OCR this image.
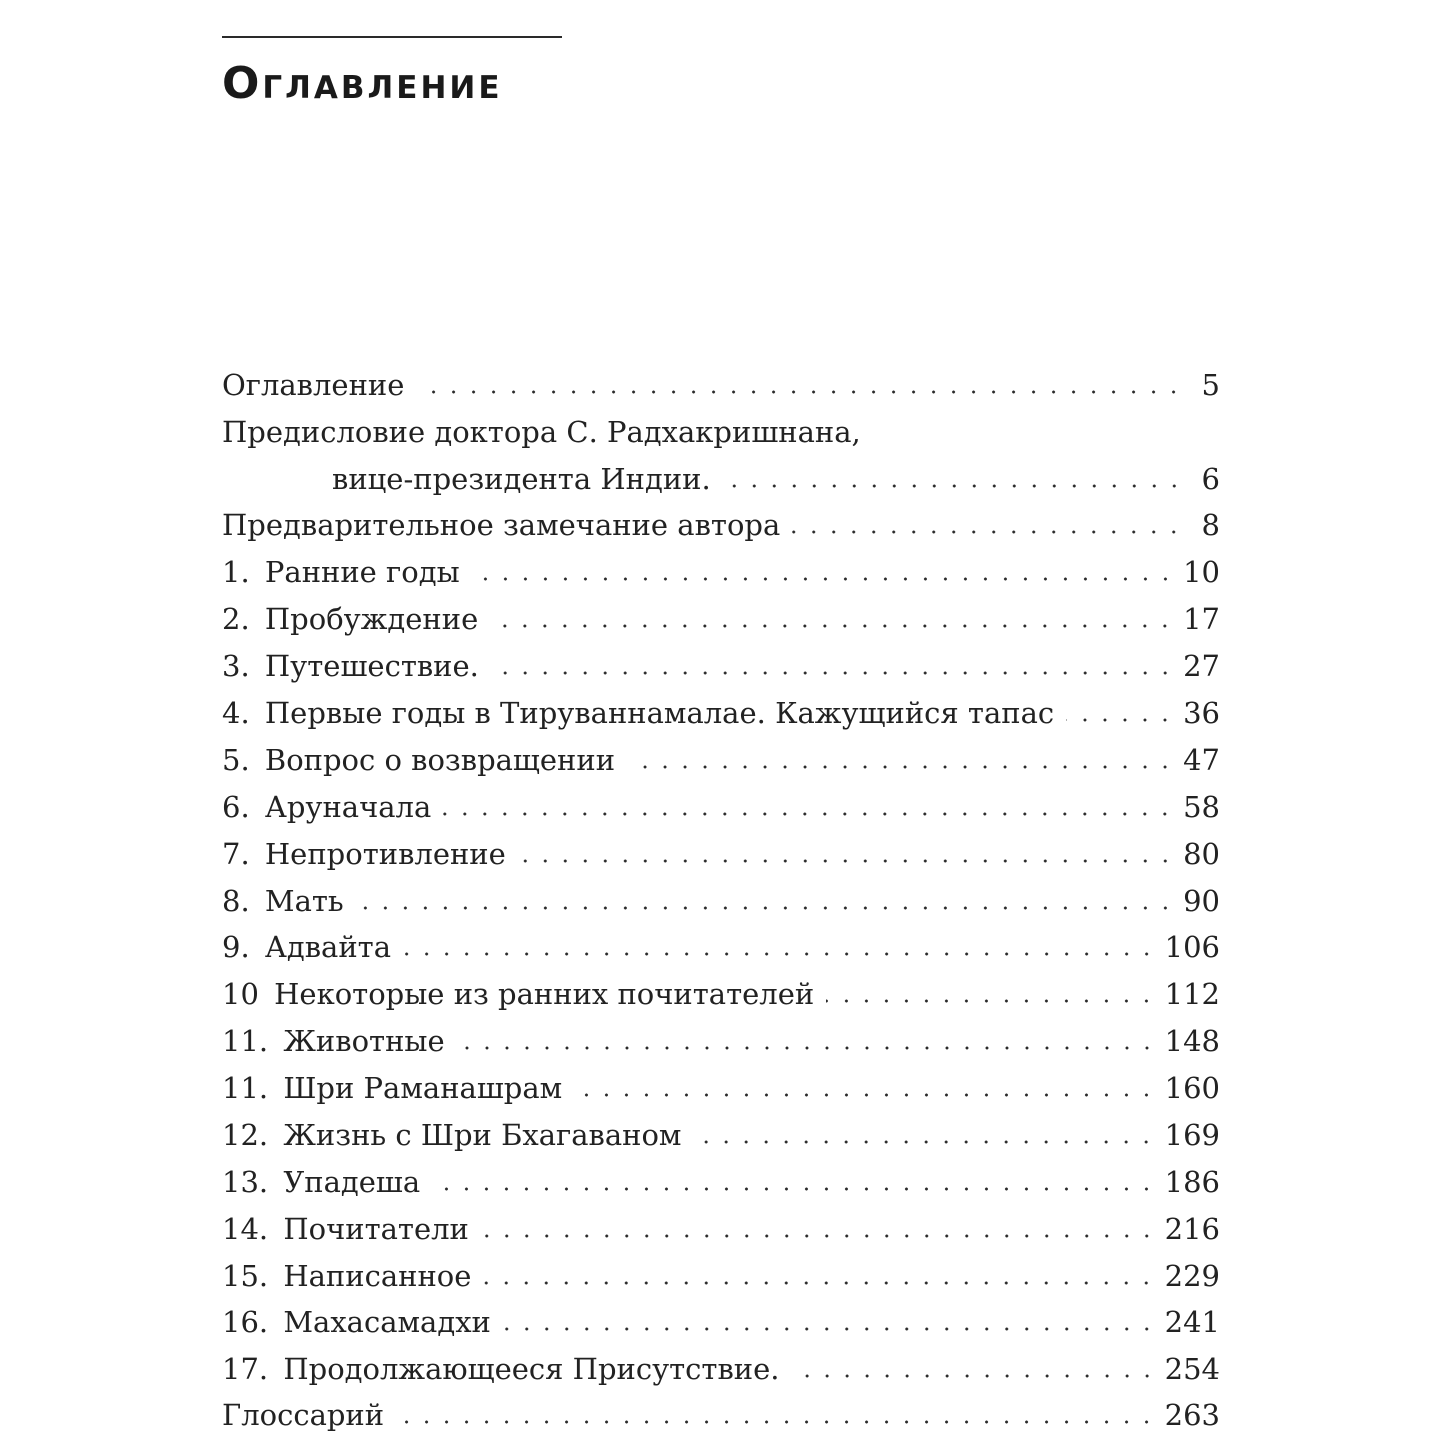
Оглавление
Оглавление	5
Предисловие доктора С. Радхакришнана,
вице-президента Индии.	6
Предварительное замечание автора	8
1. Ранние годы	10
2. Пробуждение	17
3. Путешествие.	27
4. Первые годы в Тируваннамалае. Кажущийся тапас	36
5. Вопрос о возвращении	47
6. Аруначала	58
7. Непротивление	80
8. Мать	90
9. Адвайта	106
10 Некоторые из ранних почитателей	112
11. Животные	148
11. Шри Раманашрам	160
12. Жизнь с Шри Бхагаваном	169
13. Упадеша	186
14. Почитатели	216
15. Написанное	229
16. Махасамадхи	241
17. Продолжающееся Присутствие.	254
Глоссарий	263
